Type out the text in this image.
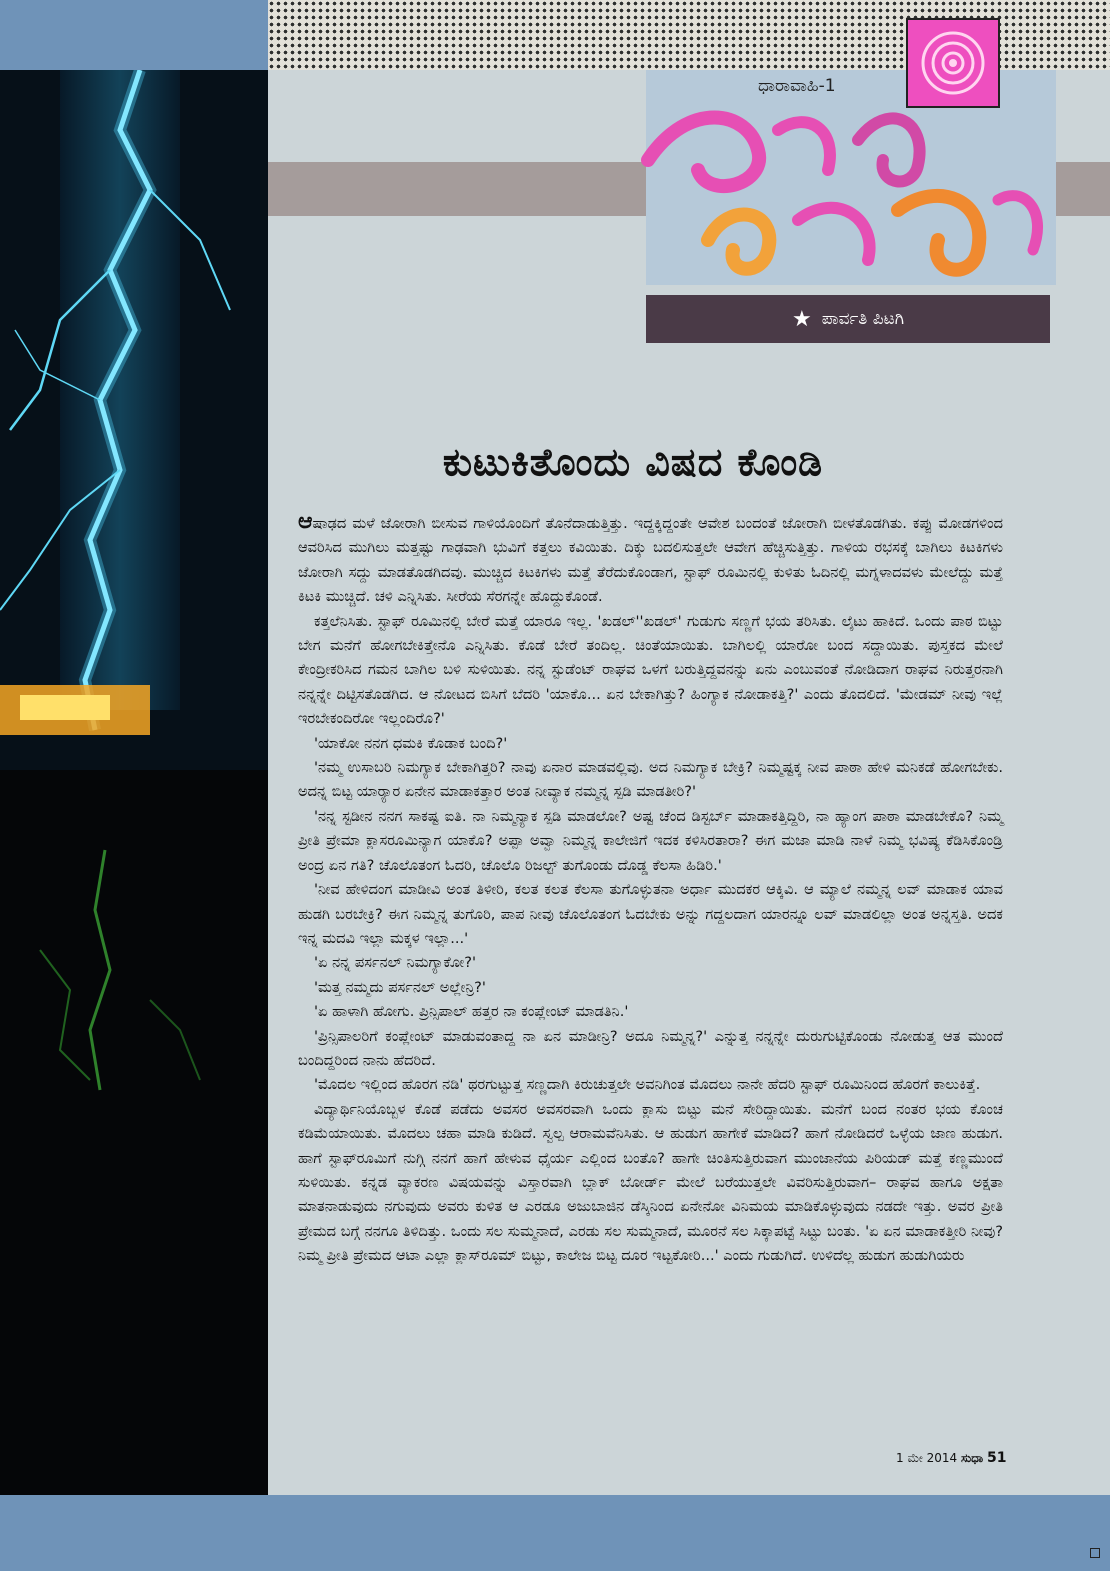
ಧಾರಾವಾಹಿ-1
★ ಪಾರ್ವತಿ ಪಿಟಗಿ
ಕುಟುಕಿತೊಂದು ವಿಷದ ಕೊಂಡಿ

ಆಷಾಢದ ಮಳೆ ಜೋರಾಗಿ ಬೀಸುವ ಗಾಳಿಯೊಂದಿಗೆ ತೊನೆದಾಡುತ್ತಿತ್ತು. ಇದ್ದಕ್ಕಿದ್ದಂತೇ ಆವೇಶ ಬಂದಂತೆ ಜೋರಾಗಿ ಬೀಳತೊಡಗಿತು. ಕಪ್ಪು ಮೋಡಗಳಿಂದ ಆವರಿಸಿದ ಮುಗಿಲು ಮತ್ತಷ್ಟು ಗಾಢವಾಗಿ ಭುವಿಗೆ ಕತ್ತಲು ಕವಿಯಿತು. ದಿಕ್ಕು ಬದಲಿಸುತ್ತಲೇ ಆವೇಗ ಹೆಚ್ಚಿಸುತ್ತಿತ್ತು. ಗಾಳಿಯ ರಭಸಕ್ಕೆ ಬಾಗಿಲು ಕಿಟಕಿಗಳು ಜೋರಾಗಿ ಸದ್ದು ಮಾಡತೊಡಗಿದವು. ಮುಚ್ಚಿದ ಕಿಟಕಿಗಳು ಮತ್ತೆ ತೆರೆದುಕೊಂಡಾಗ, ಸ್ಟಾಫ್ ರೂಮಿನಲ್ಲಿ ಕುಳಿತು ಓದಿನಲ್ಲಿ ಮಗ್ನಳಾದವಳು ಮೇಲೆದ್ದು ಮತ್ತೆ ಕಿಟಕಿ ಮುಚ್ಚಿದೆ. ಚಳಿ ಎನ್ನಿಸಿತು. ಸೀರೆಯ ಸೆರಗನ್ನೇ ಹೊದ್ದುಕೊಂಡೆ.

ಕತ್ತಲೆನಿಸಿತು. ಸ್ಟಾಫ್ ರೂಮಿನಲ್ಲಿ ಬೇರೆ ಮತ್ತೆ ಯಾರೂ ಇಲ್ಲ. 'ಖಡಲ್''ಖಡಲ್' ಗುಡುಗು ಸಣ್ಣಗೆ ಭಯ ತರಿಸಿತು. ಲೈಟು ಹಾಕಿದೆ. ಒಂದು ಪಾಠ ಬಿಟ್ಟು ಬೇಗ ಮನೆಗೆ ಹೋಗಬೇಕಿತ್ತೇನೊ ಎನ್ನಿಸಿತು. ಕೊಡೆ ಬೇರೆ ತಂದಿಲ್ಲ. ಚಿಂತೆಯಾಯಿತು. ಬಾಗಿಲಲ್ಲಿ ಯಾರೋ ಬಂದ ಸದ್ದಾಯಿತು. ಪುಸ್ತಕದ ಮೇಲೆ ಕೇಂದ್ರೀಕರಿಸಿದ ಗಮನ ಬಾಗಿಲ ಬಳಿ ಸುಳಿಯಿತು. ನನ್ನ ಸ್ಟುಡೆಂಟ್ ರಾಘವ ಒಳಗೆ ಬರುತ್ತಿದ್ದವನನ್ನು ಏನು ಎಂಬುವಂತೆ ನೋಡಿದಾಗ ರಾಘವ ನಿರುತ್ತರನಾಗಿ ನನ್ನನ್ನೇ ದಿಟ್ಟಿಸತೊಡಗಿದ. ಆ ನೋಟದ ಬಿಸಿಗೆ ಬೆದರಿ 'ಯಾಕೊ... ಏನ ಬೇಕಾಗಿತ್ತು? ಹಿಂಗ್ಯಾಕ ನೋಡಾಕತ್ತಿ?' ಎಂದು ತೊದಲಿದೆ. 'ಮೇಡಮ್ ನೀವು ಇಲ್ಲೆ ಇರಬೇಕಂದಿರೋ ಇಲ್ಲಂದಿರೊ?'

'ಯಾಕೋ ನನಗ ಧಮಕಿ ಕೊಡಾಕ ಬಂದಿ?'

'ನಮ್ಮ ಉಸಾಬರಿ ನಿಮಗ್ಯಾಕ ಬೇಕಾಗಿತ್ತರಿ? ನಾವು ಏನಾರ ಮಾಡವಲ್ಲಿವು. ಅದ ನಿಮಗ್ಯಾಕ ಬೇಕ್ರಿ? ನಿಮ್ಮಷ್ಟಕ್ಕ ನೀವ ಪಾಠಾ ಹೇಳಿ ಮನಿಕಡೆ ಹೋಗಬೇಕು. ಅದನ್ನ ಬಿಟ್ಟ ಯಾರ‍್ಯಾರ ಏನೇನ ಮಾಡಾಕತ್ತಾರ ಅಂತ ನೀವ್ಯಾಕ ನಮ್ಮನ್ನ ಸ್ಪಡಿ ಮಾಡತೀರಿ?'

'ನನ್ನ ಸ್ಟಡೀನ ನನಗ ಸಾಕಷ್ಟ ಐತಿ. ನಾ ನಿಮ್ಮನ್ಯಾಕ ಸ್ಪಡಿ ಮಾಡಲೋ? ಅಷ್ಟ ಚೆಂದ ಡಿಸ್ಟರ್ಬ್ ಮಾಡಾಕತ್ತಿದ್ದಿರಿ, ನಾ ಹ್ಯಾಂಗ ಪಾಠಾ ಮಾಡಬೇಕೊ? ನಿಮ್ಮ ಪ್ರೀತಿ ಪ್ರೇಮಾ ಕ್ಲಾಸರೂಮಿನ್ಯಾಗ ಯಾಕೊ? ಅಪ್ಪಾ ಅವ್ವಾ ನಿಮ್ಮನ್ನ ಕಾಲೇಜಿಗೆ ಇದಕ ಕಳಿಸಿರತಾರಾ? ಈಗ ಮಜಾ ಮಾಡಿ ನಾಳೆ ನಿಮ್ಮ ಭವಿಷ್ಯ ಕೆಡಿಸಿಕೊಂಡ್ರಿ ಅಂದ್ರ ಏನ ಗತಿ? ಚೊಲೊತಂಗ ಓದರಿ, ಚೊಲೊ ರಿಜಲ್ಟ್ ತುಗೊಂಡು ದೊಡ್ಡ ಕೆಲಸಾ ಹಿಡಿರಿ.'

'ನೀವ ಹೇಳಿದಂಗ ಮಾಡೀವಿ ಅಂತ ತಿಳೀರಿ, ಕಲತ ಕಲತ ಕೆಲಸಾ ತುಗೊಳ್ಳುತನಾ ಅರ್ಧಾ ಮುದಕರ ಆಕ್ಕಿವಿ. ಆ ಮ್ಯಾಲೆ ನಮ್ಮನ್ನ ಲವ್ ಮಾಡಾಕ ಯಾವ ಹುಡಗಿ ಬರಬೇಕ್ರಿ? ಈಗ ನಿಮ್ಮನ್ನ ತುಗೊರಿ, ಪಾಪ ನೀವು ಚೊಲೊತಂಗ ಓದಬೇಕು ಅನ್ನು ಗದ್ದಲದಾಗ ಯಾರನ್ನೂ ಲವ್ ಮಾಡಲಿಲ್ಲಾ ಅಂತ ಅನ್ನಸ್ತತಿ. ಅದಕ ಇನ್ನ ಮದವಿ ಇಲ್ಲಾ ಮಕ್ಕಳ ಇಲ್ಲಾ...'

'ಏ ನನ್ನ ಪರ್ಸನಲ್ ನಿಮಗ್ಯಾಕೋ?'

'ಮತ್ತ ನಮ್ಮದು ಪರ್ಸನಲ್ ಅಲ್ಲೇನ್ರಿ?'

'ಏ ಹಾಳಾಗಿ ಹೋಗು. ಪ್ರಿನ್ಸಿಪಾಲ್ ಹತ್ತರ ನಾ ಕಂಪ್ಲೇಂಟ್ ಮಾಡತಿನಿ.'

'ಪ್ರಿನ್ಸಿಪಾಲರಿಗೆ ಕಂಪ್ಲೇಂಟ್ ಮಾಡುವಂತಾದ್ದ ನಾ ಏನ ಮಾಡೀನ್ರಿ? ಅದೂ ನಿಮ್ಮನ್ನ?' ಎನ್ನುತ್ತ ನನ್ನನ್ನೇ ದುರುಗುಟ್ಟಿಕೊಂಡು ನೋಡುತ್ತ ಆತ ಮುಂದೆ ಬಂದಿದ್ದರಿಂದ ನಾನು ಹೆದರಿದೆ.

'ಮೊದಲ ಇಲ್ಲಿಂದ ಹೊರಗ ನಡಿ' ಥರಗುಟ್ಟುತ್ತ ಸಣ್ಣದಾಗಿ ಕಿರುಚುತ್ತಲೇ ಅವನಿಗಿಂತ ಮೊದಲು ನಾನೇ ಹೆದರಿ ಸ್ಟಾಫ್ ರೂಮಿನಿಂದ ಹೊರಗೆ ಕಾಲುಕಿತ್ತೆ.

ವಿದ್ಯಾರ್ಥಿನಿಯೊಬ್ಬಳ ಕೊಡೆ ಪಡೆದು ಅವಸರ ಅವಸರವಾಗಿ ಒಂದು ಕ್ಲಾಸು ಬಿಟ್ಟು ಮನೆ ಸೇರಿದ್ದಾಯಿತು. ಮನೆಗೆ ಬಂದ ನಂತರ ಭಯ ಕೊಂಚ ಕಡಿಮೆಯಾಯಿತು. ಮೊದಲು ಚಹಾ ಮಾಡಿ ಕುಡಿದೆ. ಸ್ವಲ್ಪ ಆರಾಮವೆನಿಸಿತು. ಆ ಹುಡುಗ ಹಾಗೇಕೆ ಮಾಡಿದ? ಹಾಗೆ ನೋಡಿದರೆ ಒಳ್ಳೆಯ ಜಾಣ ಹುಡುಗ. ಹಾಗೆ ಸ್ಟಾಫ್‌ರೂಮಿಗೆ ನುಗ್ಗಿ ನನಗೆ ಹಾಗೆ ಹೇಳುವ ಧೈರ್ಯ ಎಲ್ಲಿಂದ ಬಂತೊ? ಹಾಗೇ ಚಿಂತಿಸುತ್ತಿರುವಾಗ ಮುಂಜಾನೆಯ ಪಿರಿಯಡ್ ಮತ್ತೆ ಕಣ್ಣಮುಂದೆ ಸುಳಿಯಿತು. ಕನ್ನಡ ವ್ಯಾಕರಣ ವಿಷಯವನ್ನು ವಿಸ್ತಾರವಾಗಿ ಬ್ಲಾಕ್ ಬೋರ್ಡ್ ಮೇಲೆ ಬರೆಯುತ್ತಲೇ ವಿವರಿಸುತ್ತಿರುವಾಗ– ರಾಘವ ಹಾಗೂ ಅಕ್ಷತಾ ಮಾತನಾಡುವುದು ನಗುವುದು ಅವರು ಕುಳಿತ ಆ ಎರಡೂ ಅಜುಬಾಜಿನ ಡೆಸ್ಕಿನಿಂದ ಏನೇನೋ ವಿನಿಮಯ ಮಾಡಿಕೊಳ್ಳುವುದು ನಡದೇ ಇತ್ತು. ಅವರ ಪ್ರೀತಿ ಪ್ರೇಮದ ಬಗ್ಗೆ ನನಗೂ ತಿಳಿದಿತ್ತು. ಒಂದು ಸಲ ಸುಮ್ಮನಾದೆ, ಎರಡು ಸಲ ಸುಮ್ಮನಾದೆ, ಮೂರನೆ ಸಲ ಸಿಕ್ಕಾಪಟ್ಟೆ ಸಿಟ್ಟು ಬಂತು. 'ಏ ಏನ ಮಾಡಾಕತ್ತೀರಿ ನೀವು? ನಿಮ್ಮ ಪ್ರೀತಿ ಪ್ರೇಮದ ಆಟಾ ಎಲ್ಲಾ ಕ್ಲಾಸ್‌ರೂಮ್ ಬಿಟ್ಟು, ಕಾಲೇಜ ಬಿಟ್ಟ ದೂರ ಇಟ್ಟಕೋರಿ...' ಎಂದು ಗುಡುಗಿದೆ. ಉಳಿದೆಲ್ಲ ಹುಡುಗ ಹುಡುಗಿಯರು

1 ಮೇ 2014 ಸುಧಾ 51
